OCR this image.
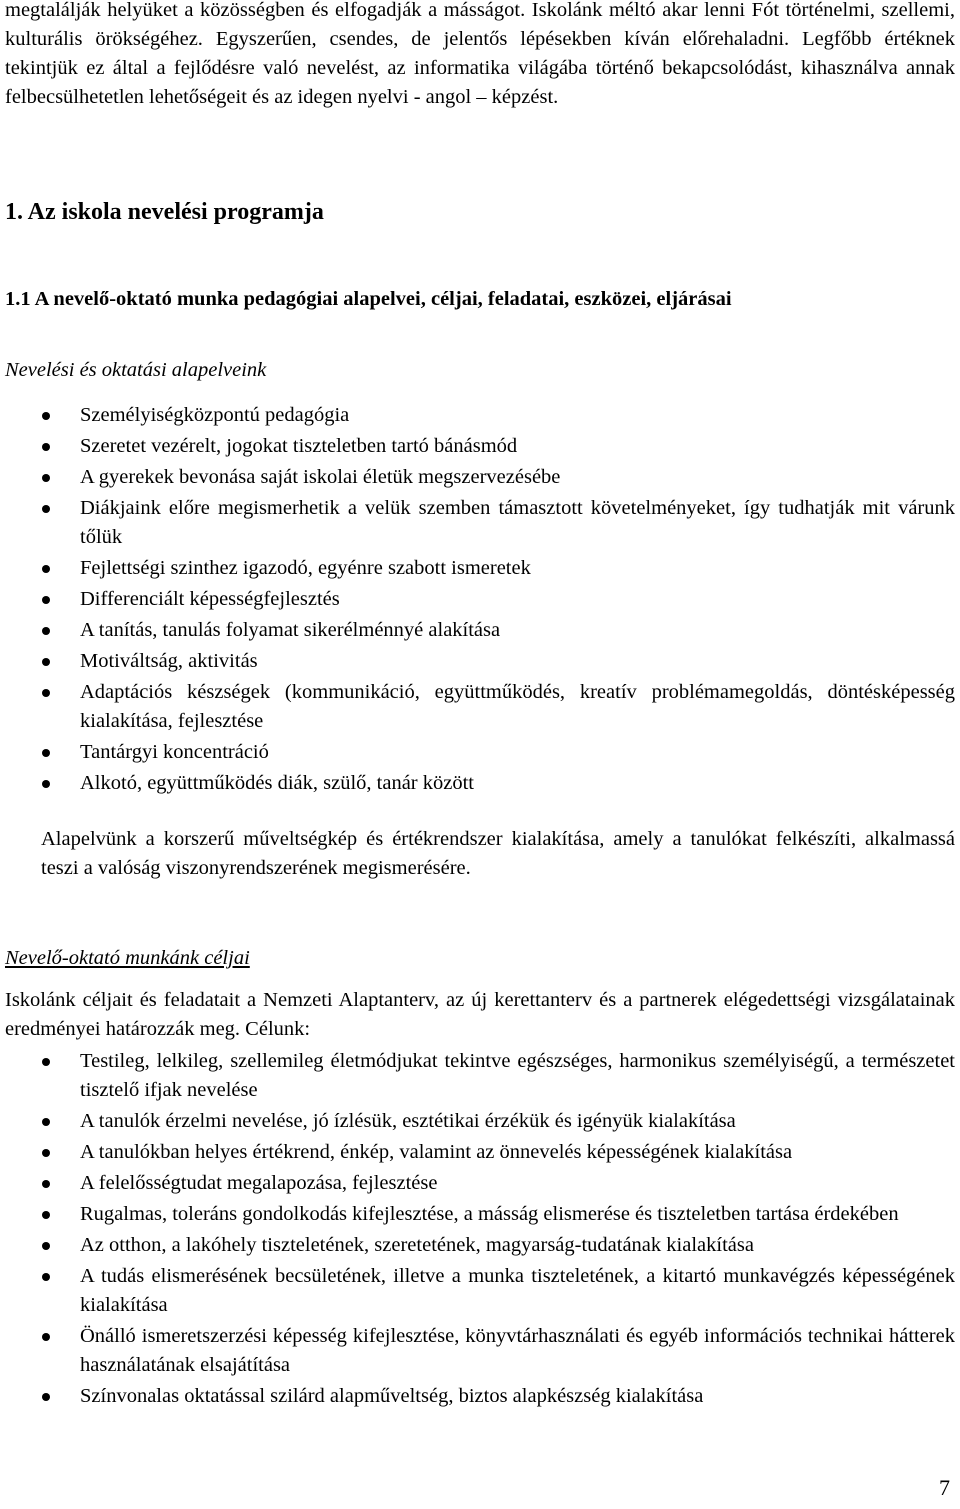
megtalálják helyüket a közösségben és elfogadják a másságot. Iskolánk méltó akar lenni Fót történelmi, szellemi, kulturális örökségéhez. Egyszerűen, csendes, de jelentős lépésekben kíván előrehaladni. Legfőbb értéknek tekintjük ez által a fejlődésre való nevelést, az informatika világába történő bekapcsolódást, kihasználva annak felbecsülhetetlen lehetőségeit és az idegen nyelvi - angol – képzést.

1. Az iskola nevelési programja
1.1 A nevelő-oktató munka pedagógiai alapelvei, céljai, feladatai, eszközei, eljárásai

Nevelési és oktatási alapelveink

Személyiségközpontú pedagógia
Szeretet vezérelt, jogokat tiszteletben tartó bánásmód
A gyerekek bevonása saját iskolai életük megszervezésébe
Diákjaink előre megismerhetik a velük szemben támasztott követelményeket, így tudhatják mit várunk tőlük
Fejlettségi szinthez igazodó, egyénre szabott ismeretek
Differenciált képességfejlesztés
A tanítás, tanulás folyamat sikerélménnyé alakítása
Motiváltság, aktivitás
Adaptációs készségek (kommunikáció, együttműködés, kreatív problémamegoldás, döntésképesség kialakítása, fejlesztése
Tantárgyi koncentráció
Alkotó, együttműködés diák, szülő, tanár között

Alapelvünk a korszerű műveltségkép és értékrendszer kialakítása, amely a tanulókat felkészíti, alkalmassá teszi a valóság viszonyrendszerének megismerésére.

Nevelő-oktató munkánk céljai

Iskolánk céljait és feladatait a Nemzeti Alaptanterv, az új kerettanterv és a partnerek elégedettségi vizsgálatainak eredményei határozzák meg. Célunk:

Testileg, lelkileg, szellemileg életmódjukat tekintve egészséges, harmonikus személyiségű, a természetet tisztelő ifjak nevelése
A tanulók érzelmi nevelése, jó ízlésük, esztétikai érzékük és igényük kialakítása
A tanulókban helyes értékrend, énkép, valamint az önnevelés képességének kialakítása
A felelősségtudat megalapozása, fejlesztése
Rugalmas, toleráns gondolkodás kifejlesztése, a másság elismerése és tiszteletben tartása érdekében
Az otthon, a lakóhely tiszteletének, szeretetének, magyarság-tudatának kialakítása
A tudás elismerésének becsületének, illetve a munka tiszteletének, a kitartó munkavégzés képességének kialakítása
Önálló ismeretszerzési képesség kifejlesztése, könyvtárhasználati és egyéb információs technikai hátterek használatának elsajátítása
Színvonalas oktatással szilárd alapműveltség, biztos alapkészség kialakítása
7
